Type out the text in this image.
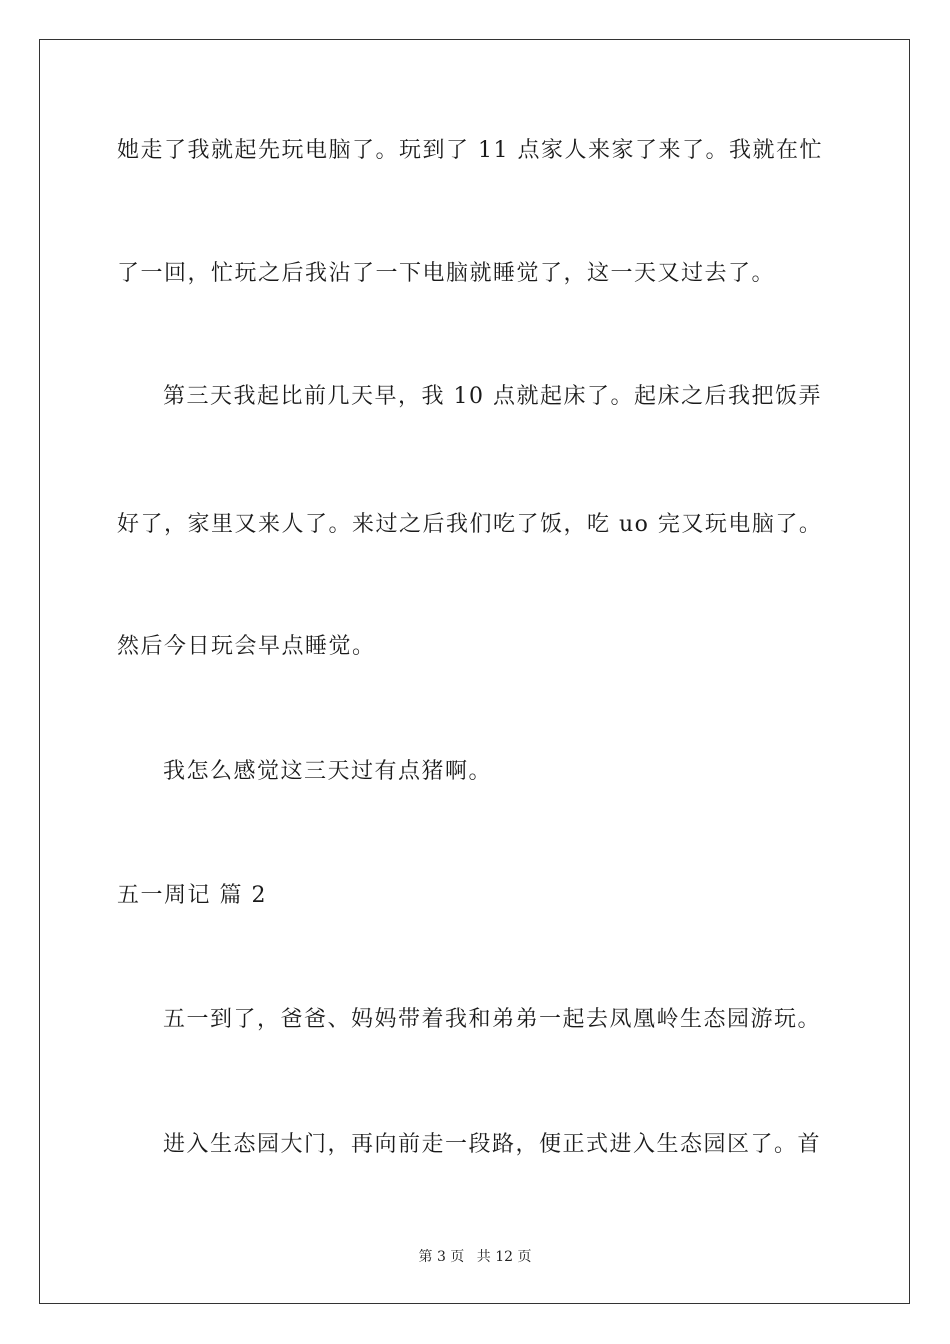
她走了我就起先玩电脑了。玩到了 11 点家人来家了来了。我就在忙
了一回，忙玩之后我沾了一下电脑就睡觉了，这一天又过去了。
第三天我起比前几天早，我 10 点就起床了。起床之后我把饭弄
好了，家里又来人了。来过之后我们吃了饭，吃 uo 完又玩电脑了。
然后今日玩会早点睡觉。
我怎么感觉这三天过有点猪啊。
五一周记 篇 2
五一到了，爸爸、妈妈带着我和弟弟一起去凤凰岭生态园游玩。
进入生态园大门，再向前走一段路，便正式进入生态园区了。首
第 3 页 共 12 页
